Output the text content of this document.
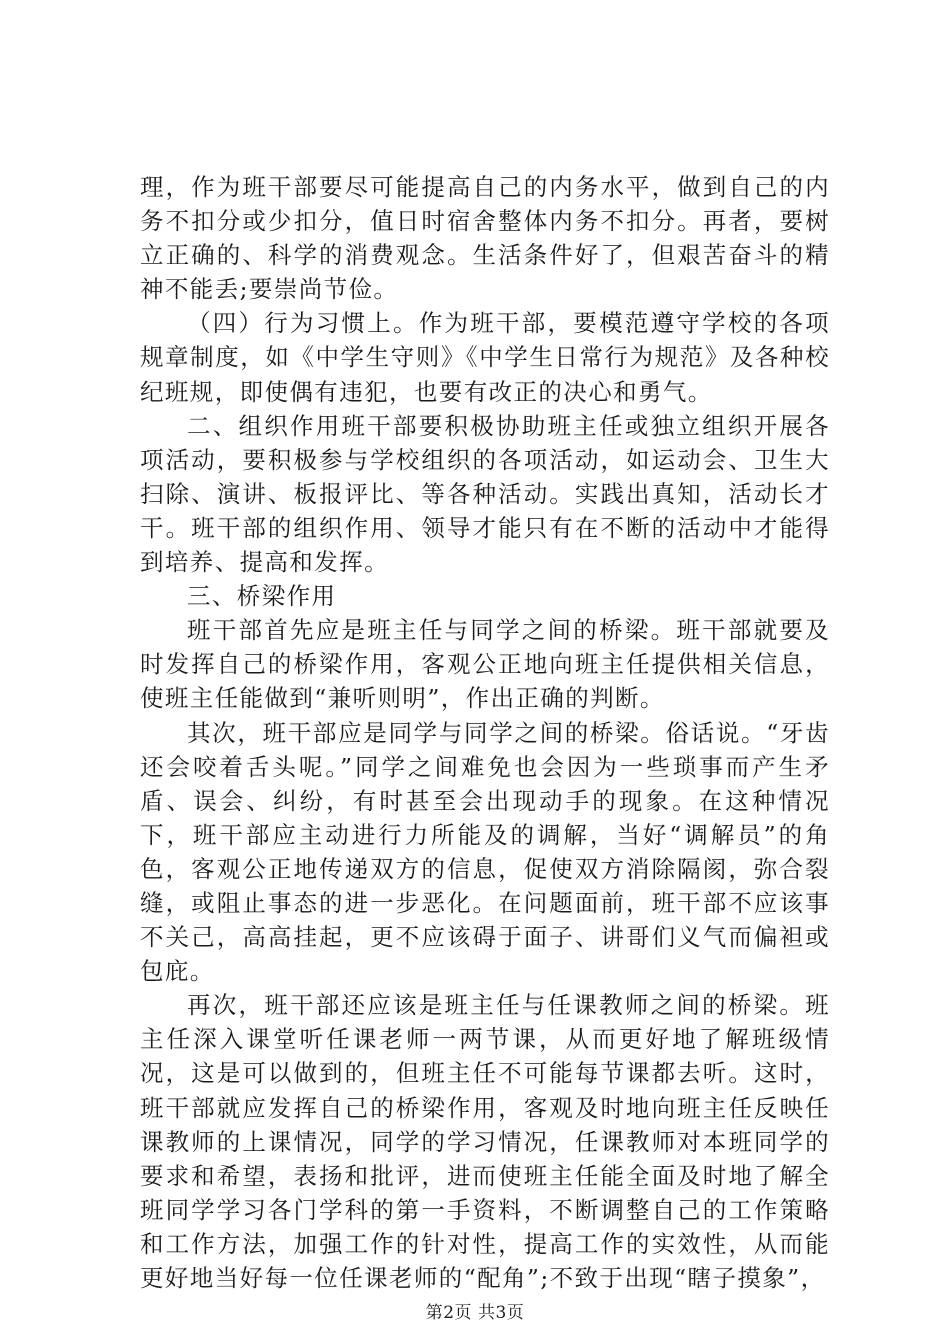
理，作为班干部要尽可能提高自己的内务水平，做到自己的内务不扣分或少扣分，值日时宿舍整体内务不扣分。再者，要树立正确的、科学的消费观念。生活条件好了，但艰苦奋斗的精神不能丢;要崇尚节俭。

（四）行为习惯上。作为班干部，要模范遵守学校的各项规章制度，如《中学生守则》《中学生日常行为规范》及各种校纪班规，即使偶有违犯，也要有改正的决心和勇气。

二、组织作用班干部要积极协助班主任或独立组织开展各项活动，要积极参与学校组织的各项活动，如运动会、卫生大扫除、演讲、板报评比、等各种活动。实践出真知，活动长才干。班干部的组织作用、领导才能只有在不断的活动中才能得到培养、提高和发挥。

三、桥梁作用

班干部首先应是班主任与同学之间的桥梁。班干部就要及时发挥自己的桥梁作用，客观公正地向班主任提供相关信息，使班主任能做到“兼听则明”，作出正确的判断。

其次，班干部应是同学与同学之间的桥梁。俗话说。“牙齿还会咬着舌头呢。”同学之间难免也会因为一些琐事而产生矛盾、误会、纠纷，有时甚至会出现动手的现象。在这种情况下，班干部应主动进行力所能及的调解，当好“调解员”的角色，客观公正地传递双方的信息，促使双方消除隔阂，弥合裂缝，或阻止事态的进一步恶化。在问题面前，班干部不应该事不关己，高高挂起，更不应该碍于面子、讲哥们义气而偏袒或包庇。

再次，班干部还应该是班主任与任课教师之间的桥梁。班主任深入课堂听任课老师一两节课，从而更好地了解班级情况，这是可以做到的，但班主任不可能每节课都去听。这时，班干部就应发挥自己的桥梁作用，客观及时地向班主任反映任课教师的上课情况，同学的学习情况，任课教师对本班同学的要求和希望，表扬和批评，进而使班主任能全面及时地了解全班同学学习各门学科的第一手资料，不断调整自己的工作策略和工作方法，加强工作的针对性，提高工作的实效性，从而能更好地当好每一位任课老师的“配角”;不致于出现“瞎子摸象”，

第2页 共3页
